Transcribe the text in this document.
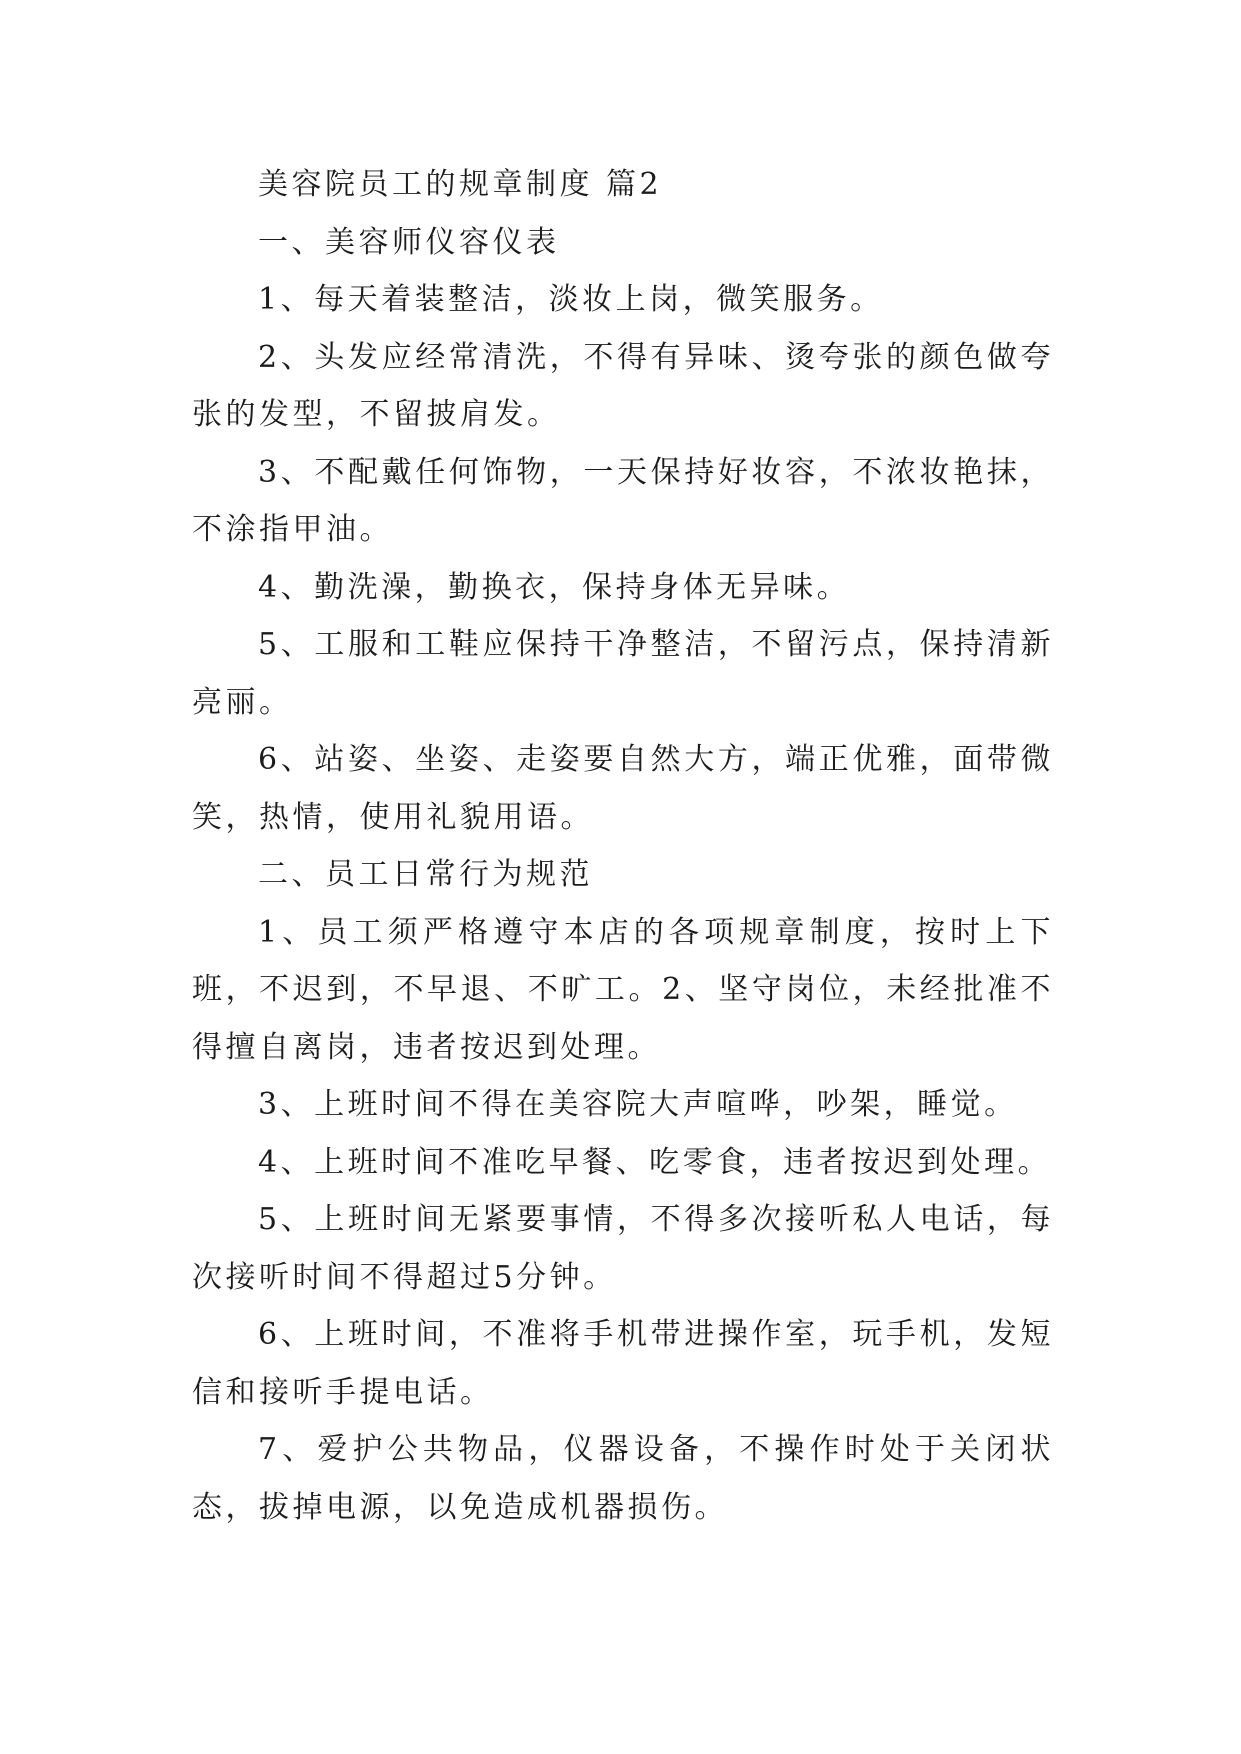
美容院员工的规章制度 篇2

一、美容师仪容仪表

1、每天着装整洁，淡妆上岗，微笑服务。

2、头发应经常清洗，不得有异味、烫夸张的颜色做夸张的发型，不留披肩发。

3、不配戴任何饰物，一天保持好妆容，不浓妆艳抹，不涂指甲油。

4、勤洗澡，勤换衣，保持身体无异味。

5、工服和工鞋应保持干净整洁，不留污点，保持清新亮丽。

6、站姿、坐姿、走姿要自然大方，端正优雅，面带微笑，热情，使用礼貌用语。

二、员工日常行为规范

1、员工须严格遵守本店的各项规章制度，按时上下班，不迟到，不早退、不旷工。2、坚守岗位，未经批准不得擅自离岗，违者按迟到处理。

3、上班时间不得在美容院大声喧哗，吵架，睡觉。

4、上班时间不准吃早餐、吃零食，违者按迟到处理。

5、上班时间无紧要事情，不得多次接听私人电话，每次接听时间不得超过5分钟。

6、上班时间，不准将手机带进操作室，玩手机，发短信和接听手提电话。

7、爱护公共物品，仪器设备，不操作时处于关闭状态，拔掉电源，以免造成机器损伤。
